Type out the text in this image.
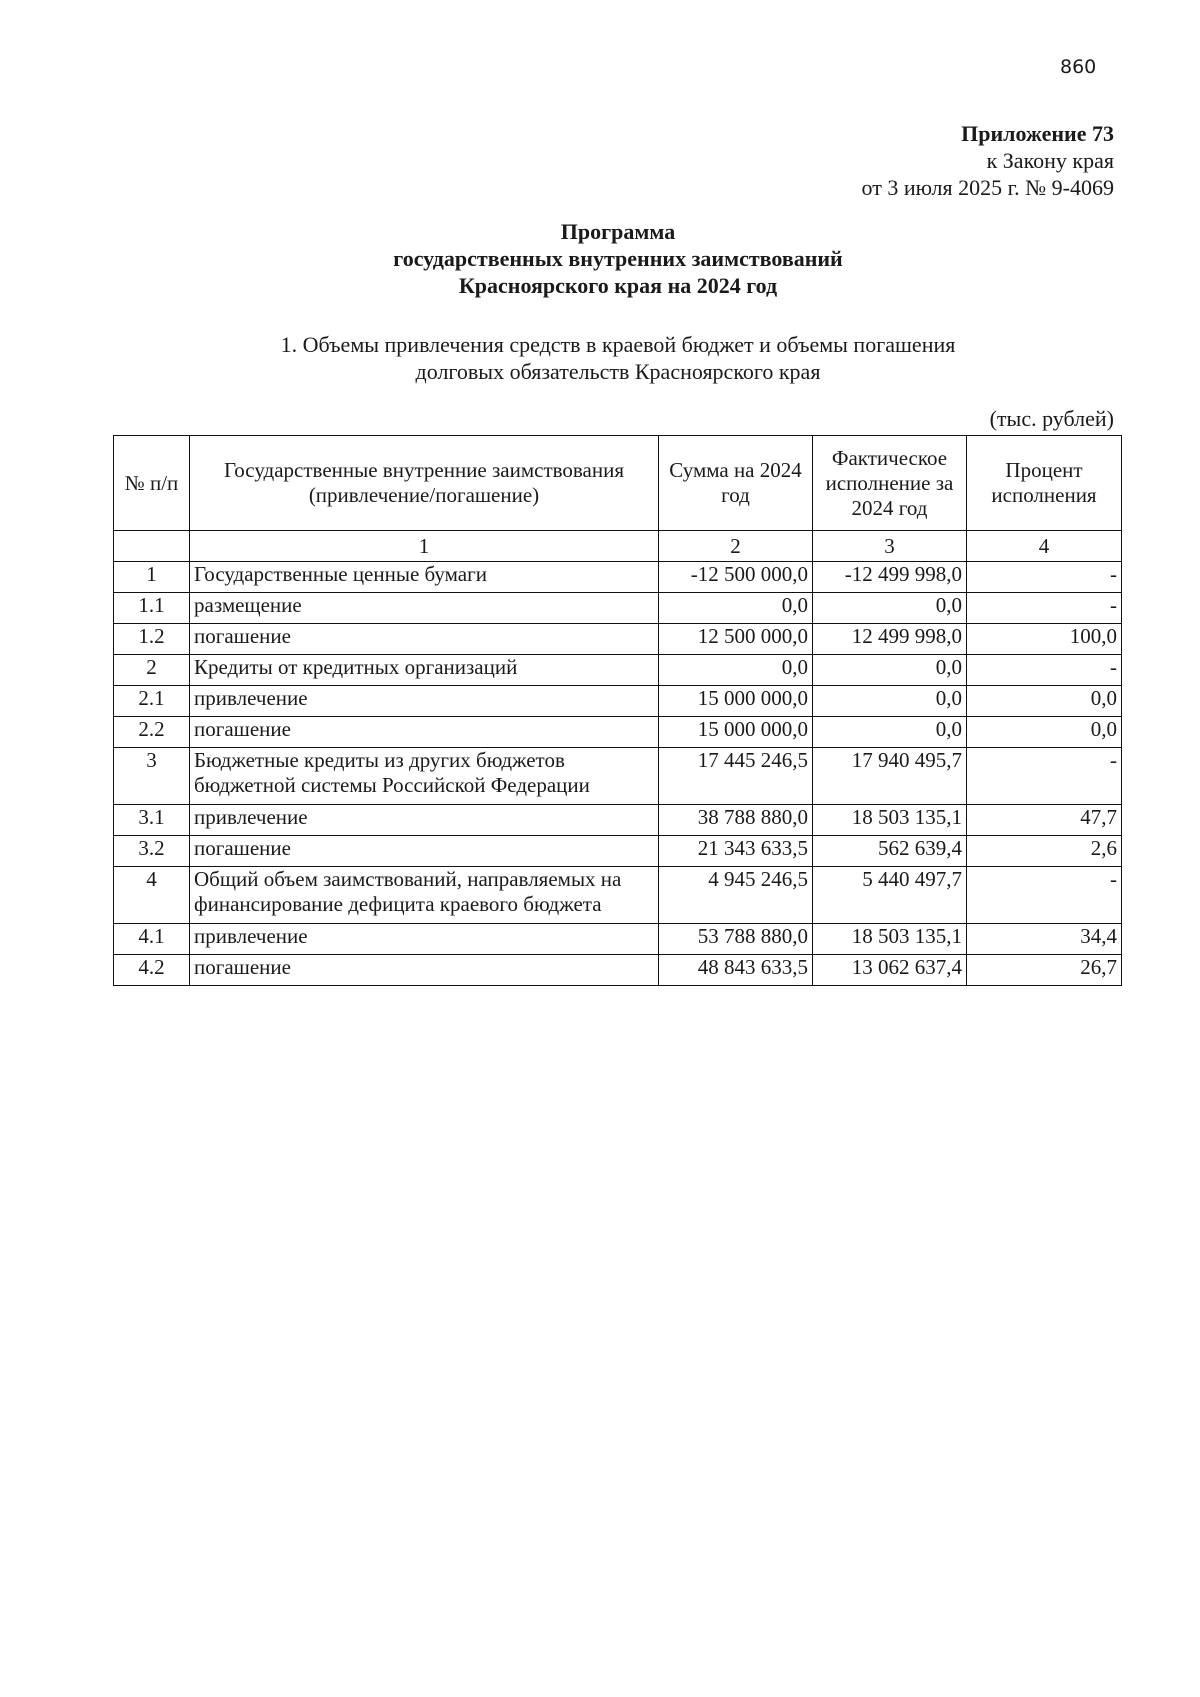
860
Приложение 73
к Закону края
от 3 июля 2025 г. № 9-4069
Программа
государственных внутренних заимствований
Красноярского края на 2024 год
1. Объемы привлечения средств в краевой бюджет и объемы погашения
долговых обязательств Красноярского края
(тыс. рублей)
№ п/п	Государственные внутренние заимствования (привлечение/погашение)	Сумма на 2024 год	Фактическое исполнение за 2024 год	Процент исполнения
	1	2	3	4
1	Государственные ценные бумаги	-12 500 000,0	-12 499 998,0	-
1.1	размещение	0,0	0,0	-
1.2	погашение	12 500 000,0	12 499 998,0	100,0
2	Кредиты от кредитных организаций	0,0	0,0	-
2.1	привлечение	15 000 000,0	0,0	0,0
2.2	погашение	15 000 000,0	0,0	0,0
3	Бюджетные кредиты из других бюджетов бюджетной системы Российской Федерации	17 445 246,5	17 940 495,7	-
3.1	привлечение	38 788 880,0	18 503 135,1	47,7
3.2	погашение	21 343 633,5	562 639,4	2,6
4	Общий объем заимствований, направляемых на финансирование дефицита краевого бюджета	4 945 246,5	5 440 497,7	-
4.1	привлечение	53 788 880,0	18 503 135,1	34,4
4.2	погашение	48 843 633,5	13 062 637,4	26,7
